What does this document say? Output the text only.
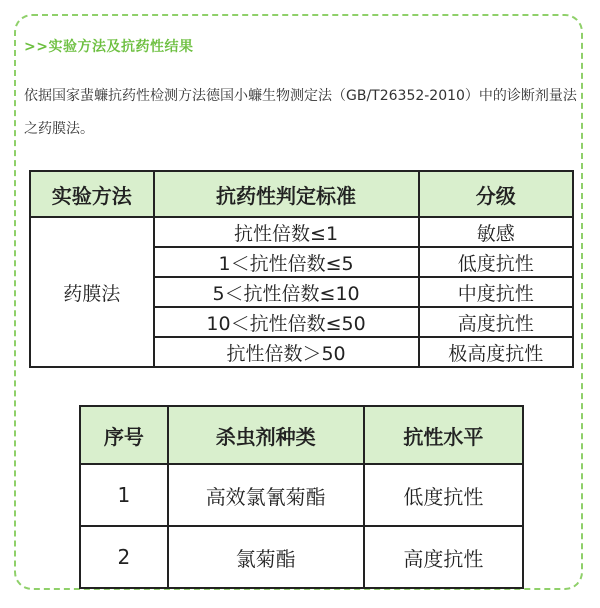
>>实验方法及抗药性结果
依据国家蜚蠊抗药性检测方法德国小蠊生物测定法（GB/T26352-2010）中的诊断剂量法之药膜法。
实验方法	抗药性判定标准	分级
药膜法	抗性倍数≤1	敏感
	1＜抗性倍数≤5	低度抗性
	5＜抗性倍数≤10	中度抗性
	10＜抗性倍数≤50	高度抗性
	抗性倍数＞50	极高度抗性
序号	杀虫剂种类	抗性水平
1	高效氯氰菊酯	低度抗性
2	氯菊酯	高度抗性
